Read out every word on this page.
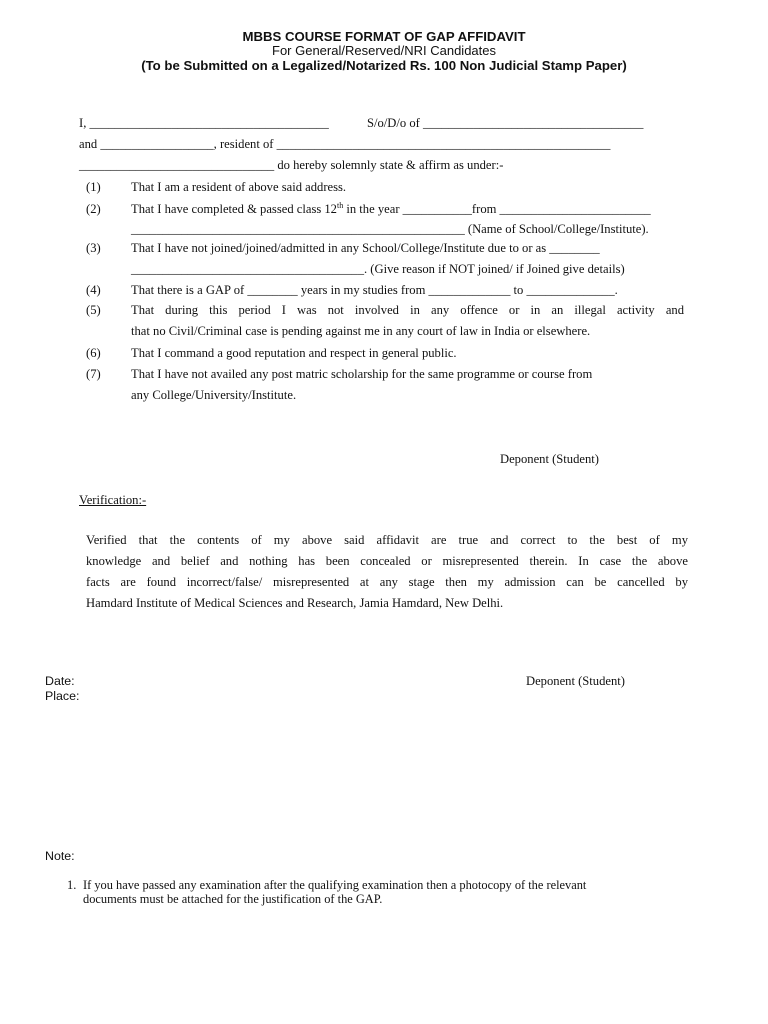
MBBS COURSE FORMAT OF GAP AFFIDAVIT
For General/Reserved/NRI Candidates
(To be Submitted on a Legalized/Notarized Rs. 100 Non Judicial Stamp Paper)
I, ______________________________________	S/o/D/o of ___________________________________
and __________________, resident of _____________________________________________________
_______________________________ do hereby solemnly state & affirm as under:-
(1) That I am a resident of above said address.
(2) That I have completed & passed class 12th in the year ___________from ________________________
_____________________________________________________ (Name of School/College/Institute).
(3) That I have not joined/joined/admitted in any School/College/Institute due to or as ________
_____________________________________. (Give reason if NOT joined/ if Joined give details)
(4) That there is a GAP of ________ years in my studies from _____________ to ______________.
(5) That during this period I was not involved in any offence or in an illegal activity and
that no Civil/Criminal case is pending against me in any court of law in India or elsewhere.
(6) That I command a good reputation and respect in general public.
(7) That I have not availed any post matric scholarship for the same programme or course from
any College/University/Institute.
Deponent (Student)
Verification:-
Verified that the contents of my above said affidavit are true and correct to the best of my
knowledge and belief and nothing has been concealed or misrepresented therein. In case the above
facts are found incorrect/false/ misrepresented at any stage then my admission can be cancelled by
Hamdard Institute of Medical Sciences and Research, Jamia Hamdard, New Delhi.
Date:
Place:
Deponent (Student)
Note:
1. If you have passed any examination after the qualifying examination then a photocopy of the relevant
documents must be attached for the justification of the GAP.
